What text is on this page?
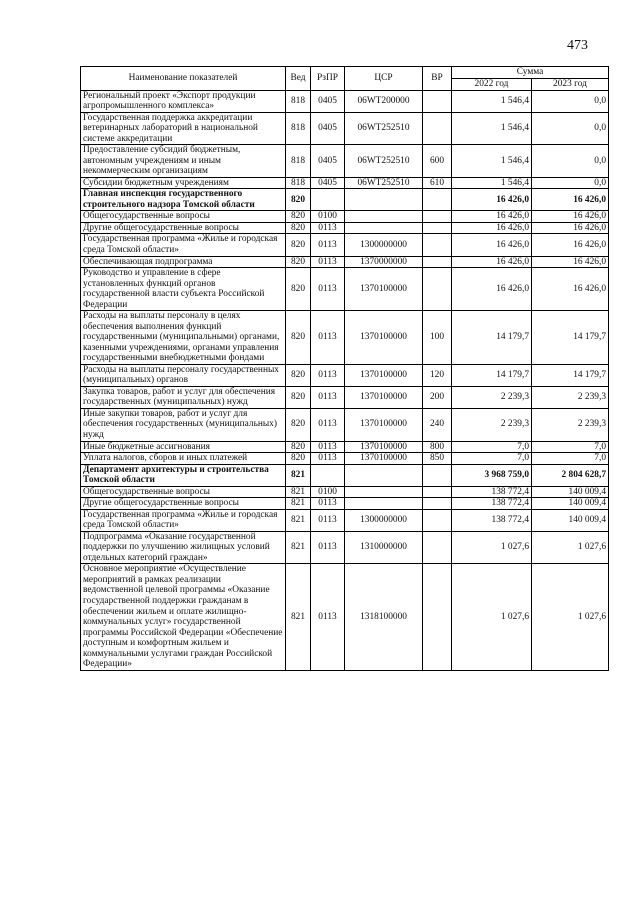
473
Наименование показателей	Вед	РзПР	ЦСР	ВР	Сумма	
					2022 год	2023 год
Региональный проект «Экспорт продукции агропромышленного комплекса»	818	0405	06WT200000		1 546,4	0,0
Государственная поддержка аккредитации ветеринарных лабораторий в национальной системе аккредитации	818	0405	06WT252510		1 546,4	0,0
Предоставление субсидий бюджетным, автономным учреждениям и иным некоммерческим организациям	818	0405	06WT252510	600	1 546,4	0,0
Субсидии бюджетным учреждениям	818	0405	06WT252510	610	1 546,4	0,0
Главная инспекция государственного строительного надзора Томской области	820				16 426,0	16 426,0
Общегосударственные вопросы	820	0100			16 426,0	16 426,0
Другие общегосударственные вопросы	820	0113			16 426,0	16 426,0
Государственная программа «Жилье и городская среда Томской области»	820	0113	1300000000		16 426,0	16 426,0
Обеспечивающая подпрограмма	820	0113	1370000000		16 426,0	16 426,0
Руководство и управление в сфере установленных функций органов государственной власти субъекта Российской Федерации	820	0113	1370100000		16 426,0	16 426,0
Расходы на выплаты персоналу в целях обеспечения выполнения функций государственными (муниципальными) органами, казенными учреждениями, органами управления государственными внебюджетными фондами	820	0113	1370100000	100	14 179,7	14 179,7
Расходы на выплаты персоналу государственных (муниципальных) органов	820	0113	1370100000	120	14 179,7	14 179,7
Закупка товаров, работ и услуг для обеспечения государственных (муниципальных) нужд	820	0113	1370100000	200	2 239,3	2 239,3
Иные закупки товаров, работ и услуг для обеспечения государственных (муниципальных) нужд	820	0113	1370100000	240	2 239,3	2 239,3
Иные бюджетные ассигнования	820	0113	1370100000	800	7,0	7,0
Уплата налогов, сборов и иных платежей	820	0113	1370100000	850	7,0	7,0
Департамент архитектуры и строительства Томской области	821				3 968 759,0	2 804 628,7
Общегосударственные вопросы	821	0100			138 772,4	140 009,4
Другие общегосударственные вопросы	821	0113			138 772,4	140 009,4
Государственная программа «Жилье и городская среда Томской области»	821	0113	1300000000		138 772,4	140 009,4
Подпрограмма «Оказание государственной поддержки по улучшению жилищных условий отдельных категорий граждан»	821	0113	1310000000		1 027,6	1 027,6
Основное мероприятие «Осуществление мероприятий в рамках реализации ведомственной целевой программы «Оказание государственной поддержки гражданам в обеспечении жильем и оплате жилищно-коммунальных услуг» государственной программы Российской Федерации «Обеспечение доступным и комфортным жильем и коммунальными услугами граждан Российской Федерации»	821	0113	1318100000		1 027,6	1 027,6
